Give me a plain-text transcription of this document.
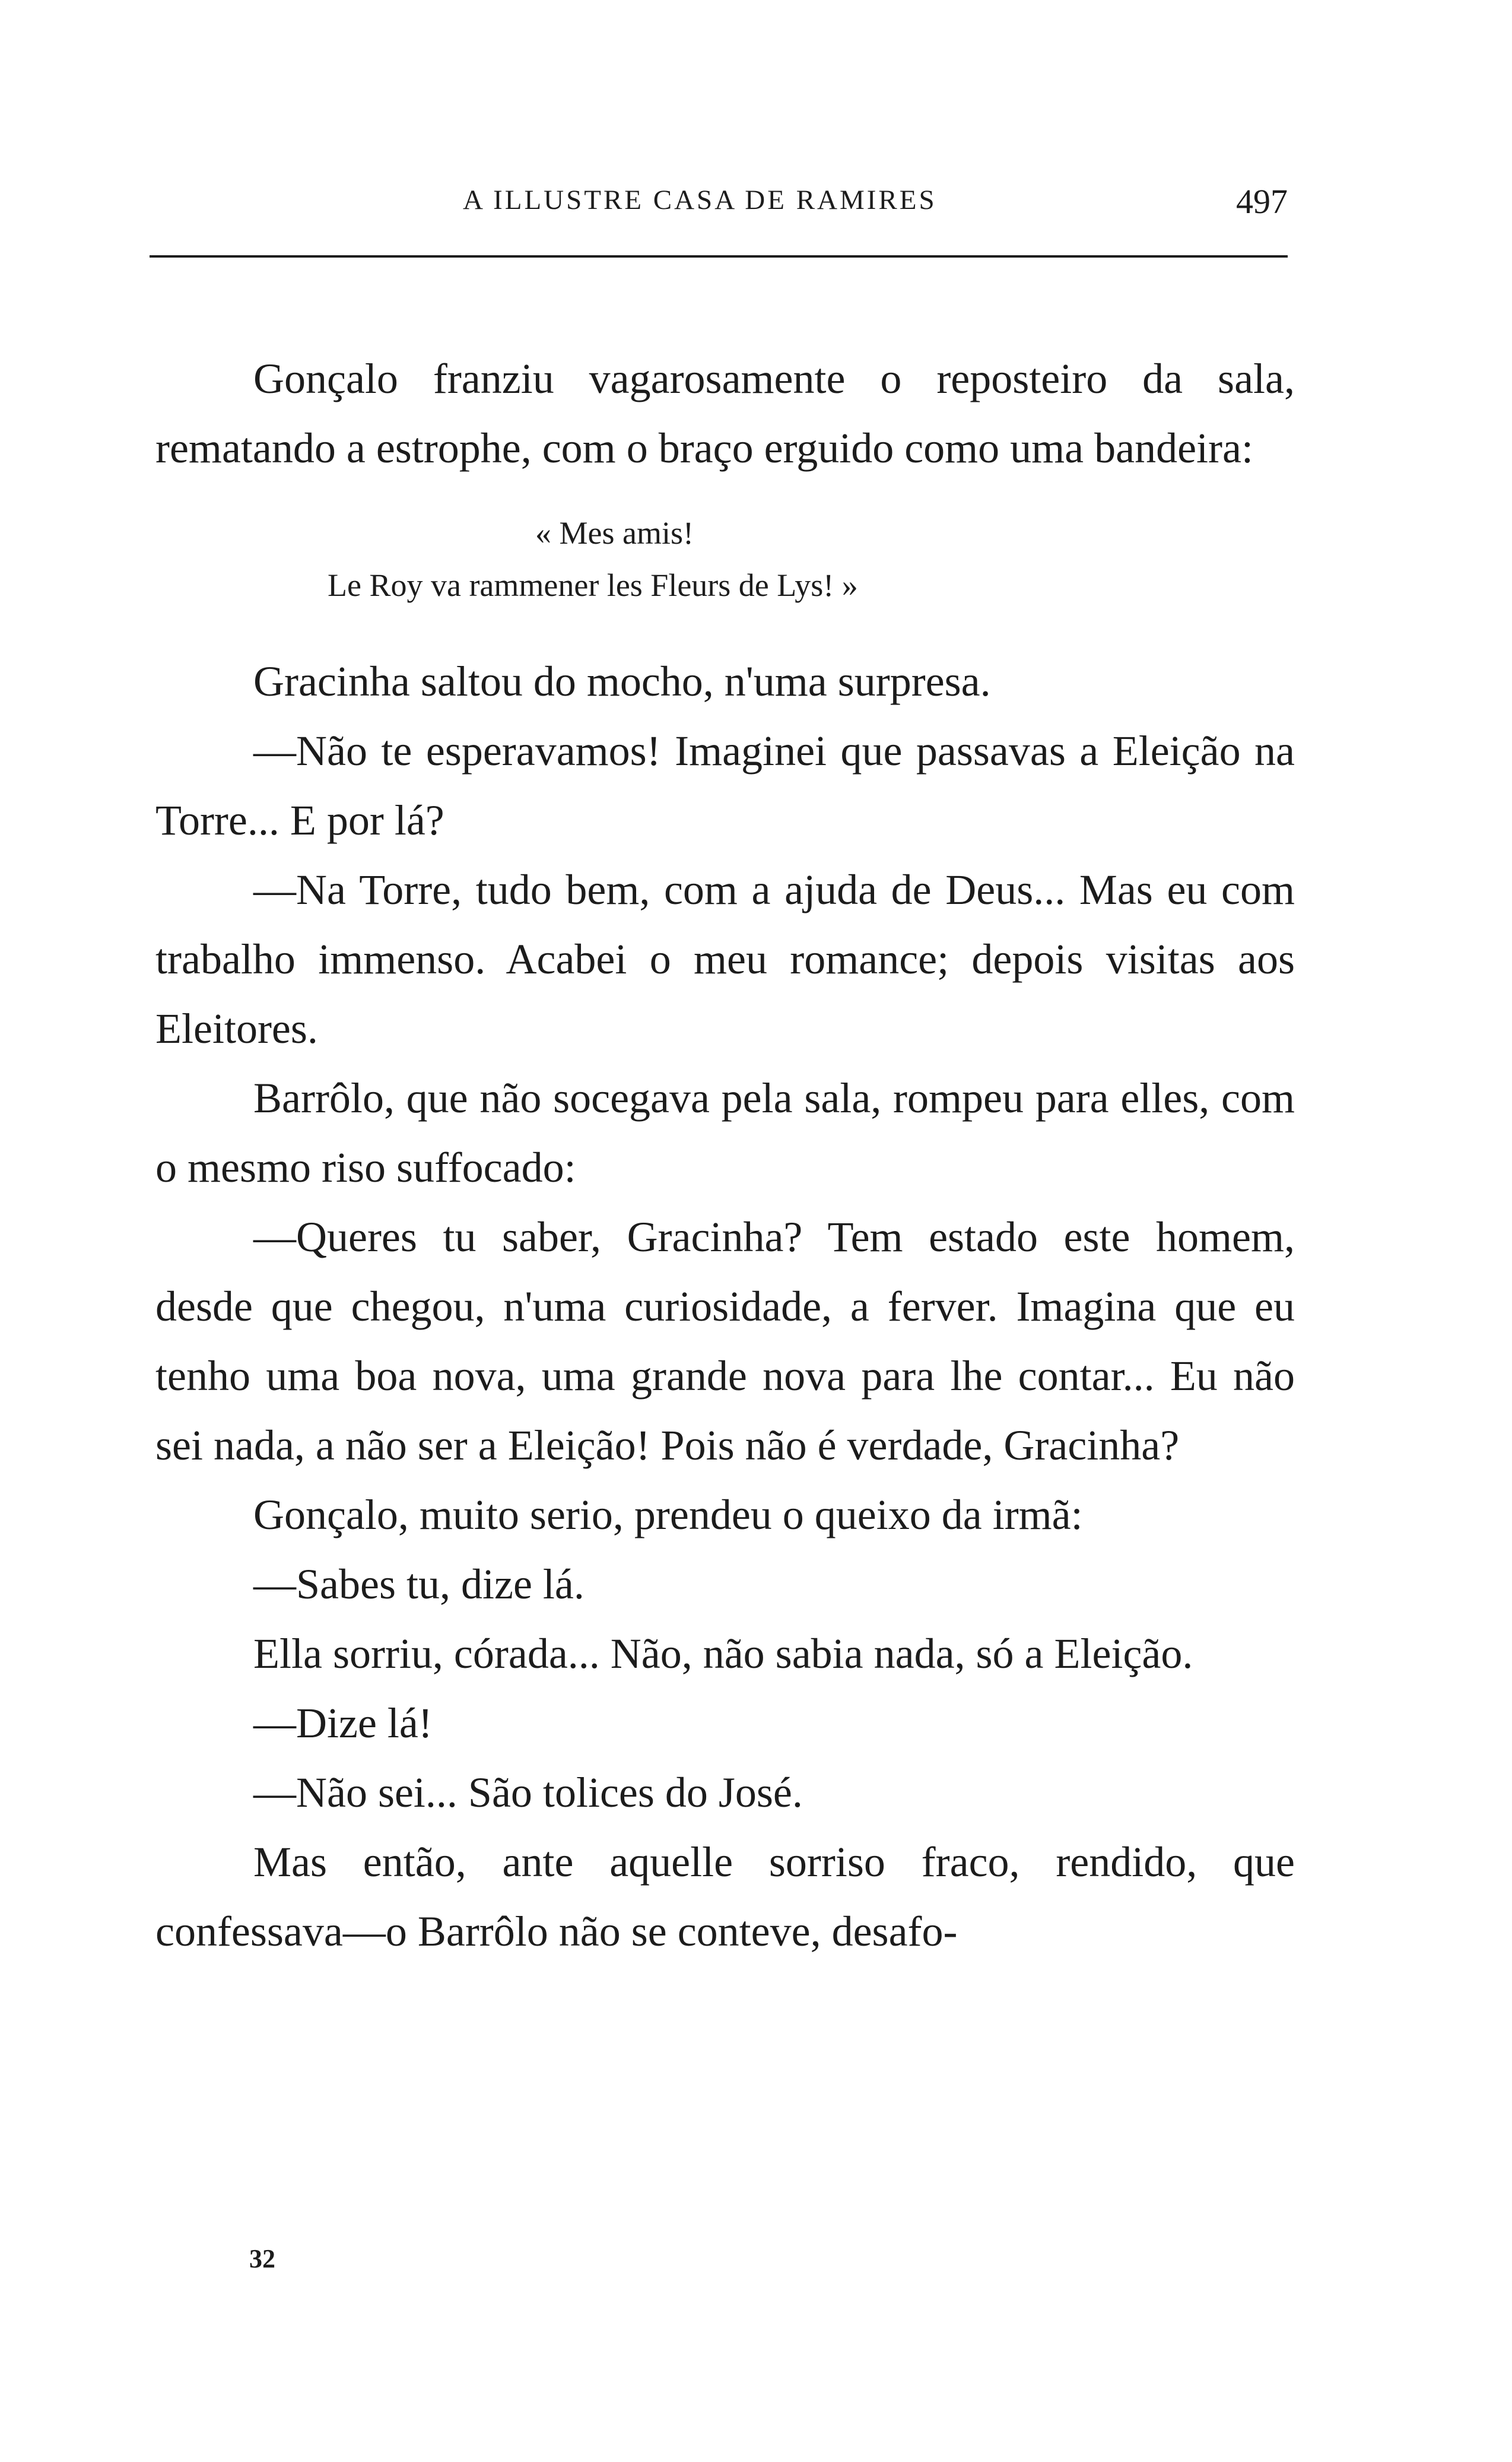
A ILLUSTRE CASA DE RAMIRES	497

Gonçalo franziu vagarosamente o reposteiro da sala, rematando a estrophe, com o braço erguido como uma bandeira:

« Mes amis!
Le Roy va rammener les Fleurs de Lys! »

Gracinha saltou do mocho, n'uma surpresa.

—Não te esperavamos! Imaginei que passavas a Eleição na Torre... E por lá?

—Na Torre, tudo bem, com a ajuda de Deus... Mas eu com trabalho immenso. Acabei o meu romance; depois visitas aos Eleitores.

Barrôlo, que não socegava pela sala, rompeu para elles, com o mesmo riso suffocado:

—Queres tu saber, Gracinha? Tem estado este homem, desde que chegou, n'uma curiosidade, a ferver. Imagina que eu tenho uma boa nova, uma grande nova para lhe contar... Eu não sei nada, a não ser a Eleição! Pois não é verdade, Gracinha?

Gonçalo, muito serio, prendeu o queixo da irmã:

—Sabes tu, dize lá.

Ella sorriu, córada... Não, não sabia nada, só a Eleição.

—Dize lá!

—Não sei... São tolices do José.

Mas então, ante aquelle sorriso fraco, rendido, que confessava—o Barrôlo não se conteve, desafo-

32
